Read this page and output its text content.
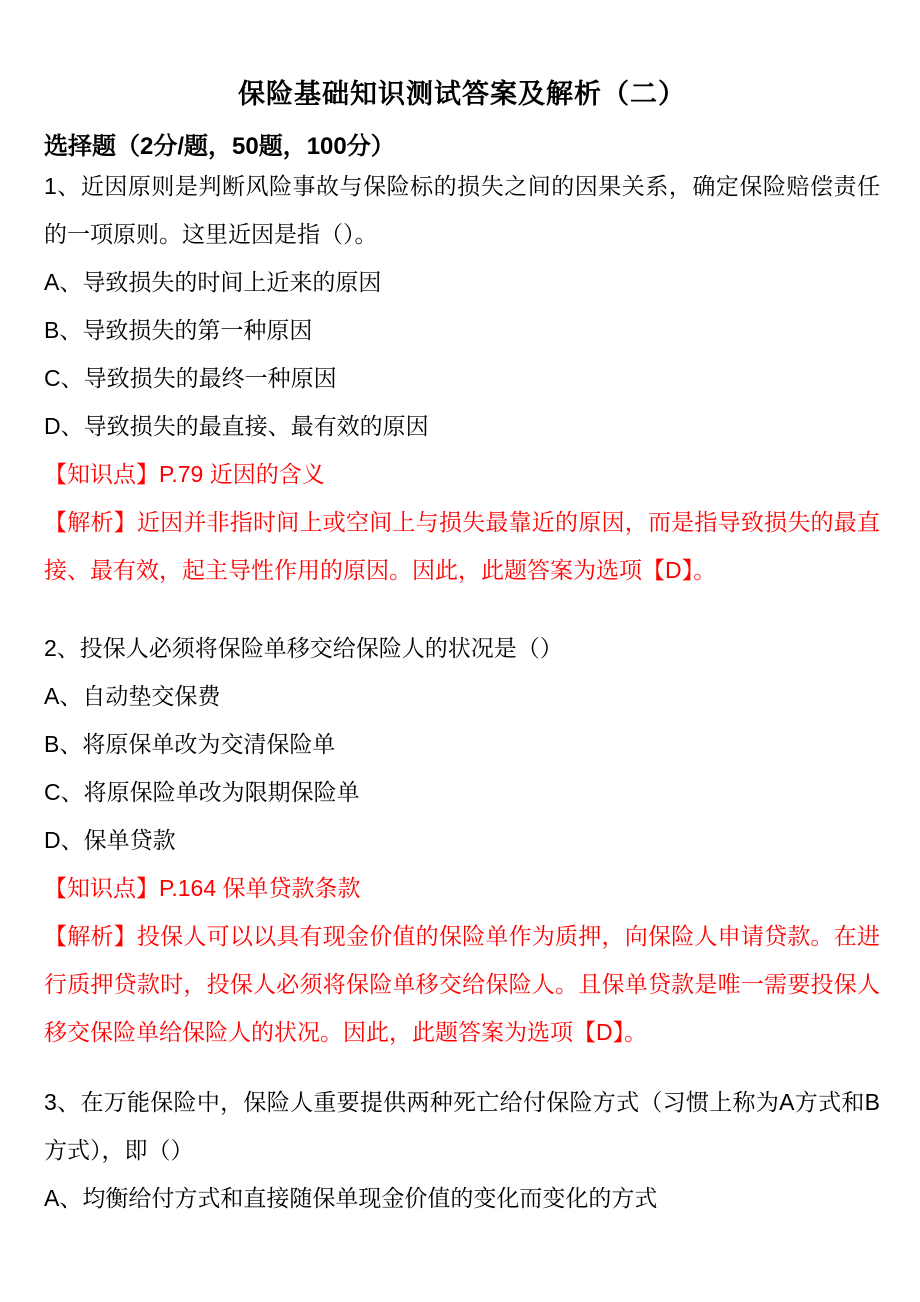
保险基础知识测试答案及解析（二）
选择题（2分/题，50题，100分）

1、近因原则是判断风险事故与保险标的损失之间的因果关系，确定保险赔偿责任的一项原则。这里近因是指（）。

A、导致损失的时间上近来的原因

B、导致损失的第一种原因

C、导致损失的最终一种原因

D、导致损失的最直接、最有效的原因

【知识点】P.79 近因的含义

【解析】近因并非指时间上或空间上与损失最靠近的原因，而是指导致损失的最直接、最有效，起主导性作用的原因。因此，此题答案为选项【D】。

2、投保人必须将保险单移交给保险人的状况是（）

A、自动垫交保费

B、将原保单改为交清保险单

C、将原保险单改为限期保险单

D、保单贷款

【知识点】P.164 保单贷款条款

【解析】投保人可以以具有现金价值的保险单作为质押，向保险人申请贷款。在进行质押贷款时，投保人必须将保险单移交给保险人。且保单贷款是唯一需要投保人移交保险单给保险人的状况。因此，此题答案为选项【D】。

3、在万能保险中，保险人重要提供两种死亡给付保险方式（习惯上称为A方式和B方式），即（）

A、均衡给付方式和直接随保单现金价值的变化而变化的方式
